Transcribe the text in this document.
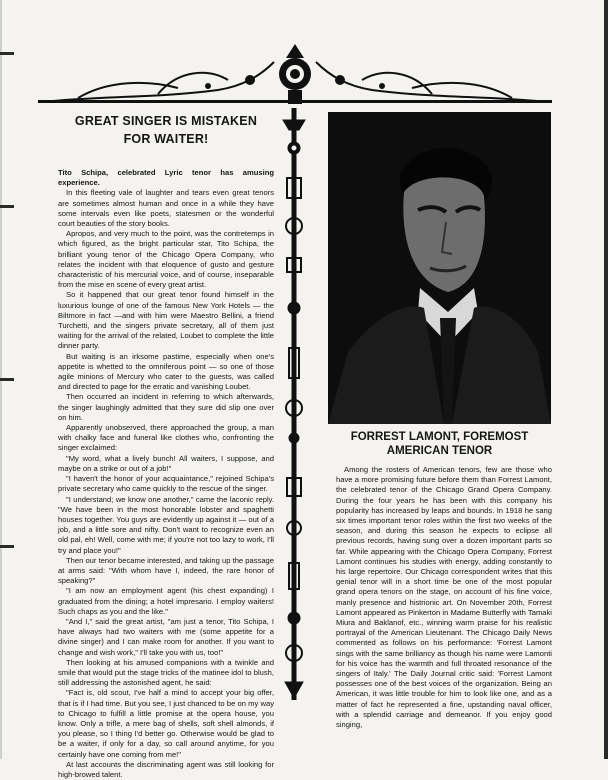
GREAT SINGER IS MISTAKEN
FOR WAITER!

Tito Schipa, celebrated Lyric tenor has amusing experience.

In this fleeting vale of laughter and tears even great tenors are sometimes almost human and once in a while they have some intervals even like poets, statesmen or the wonderful court beauties of the story books.

Apropos, and very much to the point, was the contretemps in which figured, as the bright particular star, Tito Schipa, the brilliant young tenor of the Chicago Opera Company, who relates the incident with that eloquence of gusto and gesture characteristic of his mercurial voice, and of course, inseparable from the mise en scene of every great artist.

So it happened that our great tenor found himself in the luxurious lounge of one of the famous New York Hotels — the Biltmore in fact —and with him were Maestro Bellini, a friend Turchetti, and the singers private secretary, all of them just waiting for the arrival of the related, Loubet to complete the little dinner party.

But waiting is an irksome pastime, especially when one's appetite is whetted to the omniferous point — so one of those agile minions of Mercury who cater to the guests, was called and directed to page for the erratic and vanishing Loubet.

Then occurred an incident in referring to which afterwards, the singer laughingly admitted that they sure did slip one over on him.

Apparently unobserved, there approached the group, a man with chalky face and funeral like clothes who, confronting the singer exclaimed:

"My word, what a lively bunch! All waiters, I suppose, and maybe on a strike or out of a job!"

"I haven't the honor of your acquaintance," rejoined Schipa's private secretary who came quickly to the rescue of the singer.

"I understand; we know one another," came the laconic reply. "We have been in the most honorable lobster and spaghetti houses together. You guys are evidently up against it — out of a job, and a little sore and nifty. Don't want to recognize even an old pal, eh! Well, come with me; if you're not too lazy to work, I'll try and place you!"

Then our tenor became interested, and taking up the passage at arms said: "With whom have I, indeed, the rare honor of speaking?"

"I am now an employment agent (his chest expanding) I graduated from the dining; a hotel impresario. I employ waiters! Such chaps as you and the like."

"And I," said the great artist, "am just a tenor, Tito Schipa, I have always had two waiters with me (some appetite for a divine singer) and I can make room for another. If you want to change and wish work," I'll take you with us, too!"

Then looking at his amused companions with a twinkle and smile that would put the stage tricks of the matinee idol to blush, still addressing the astonished agent, he said:

"Fact is, old scout, I've half a mind to accept your big offer, that is if I had time. But you see, I just chanced to be on my way to Chicago to fulfill a little promise at the opera house, you know. Only a trifle, a mere bag of shells, soft shell almonds, if you please, so I thing I'd better go. Otherwise would be glad to be a waiter, if only for a day, so call around anytime, for you certainly have one coming from me!"

At last accounts the discriminating agent was still looking for high-browed talent.

FORREST LAMONT, FOREMOST
AMERICAN TENOR

Among the rosters of American tenors, few are those who have a more promising future before them than Forrest Lamont, the celebrated tenor of the Chicago Grand Opera Company. During the four years he has been with this company his popularity has increased by leaps and bounds. In 1918 he sang six times important tenor roles within the first two weeks of the season, and during this season he expects to eclipse all previous records, having sung over a dozen important parts so far. While appearing with the Chicago Opera Company, Forrest Lamont continues his studies with energy, adding constantly to his large repertoire. Our Chicago correspondent writes that this genial tenor will in a short time be one of the most popular grand opera tenors on the stage, on account of his fine voice, manly presence and histrionic art. On November 20th, Forrest Lamont appeared as Pinkerton in Madame Butterfly with Tamaki Miura and Baklanof, etc., winning warm praise for his realistic portrayal of the American Lieutenant. The Chicago Daily News commented as follows on his performance: 'Forrest Lamont sings with the same brilliancy as though his name were Lamonti for his voice has the warmth and full throated resonance of the singers of Italy.' The Daily Journal critic said: 'Forrest Lamont possesses one of the best voices of the organization. Being an American, it was little trouble for him to look like one, and as a matter of fact he represented a fine, upstanding naval officer, with a splendid carriage and demeanor. If you enjoy good singing,
